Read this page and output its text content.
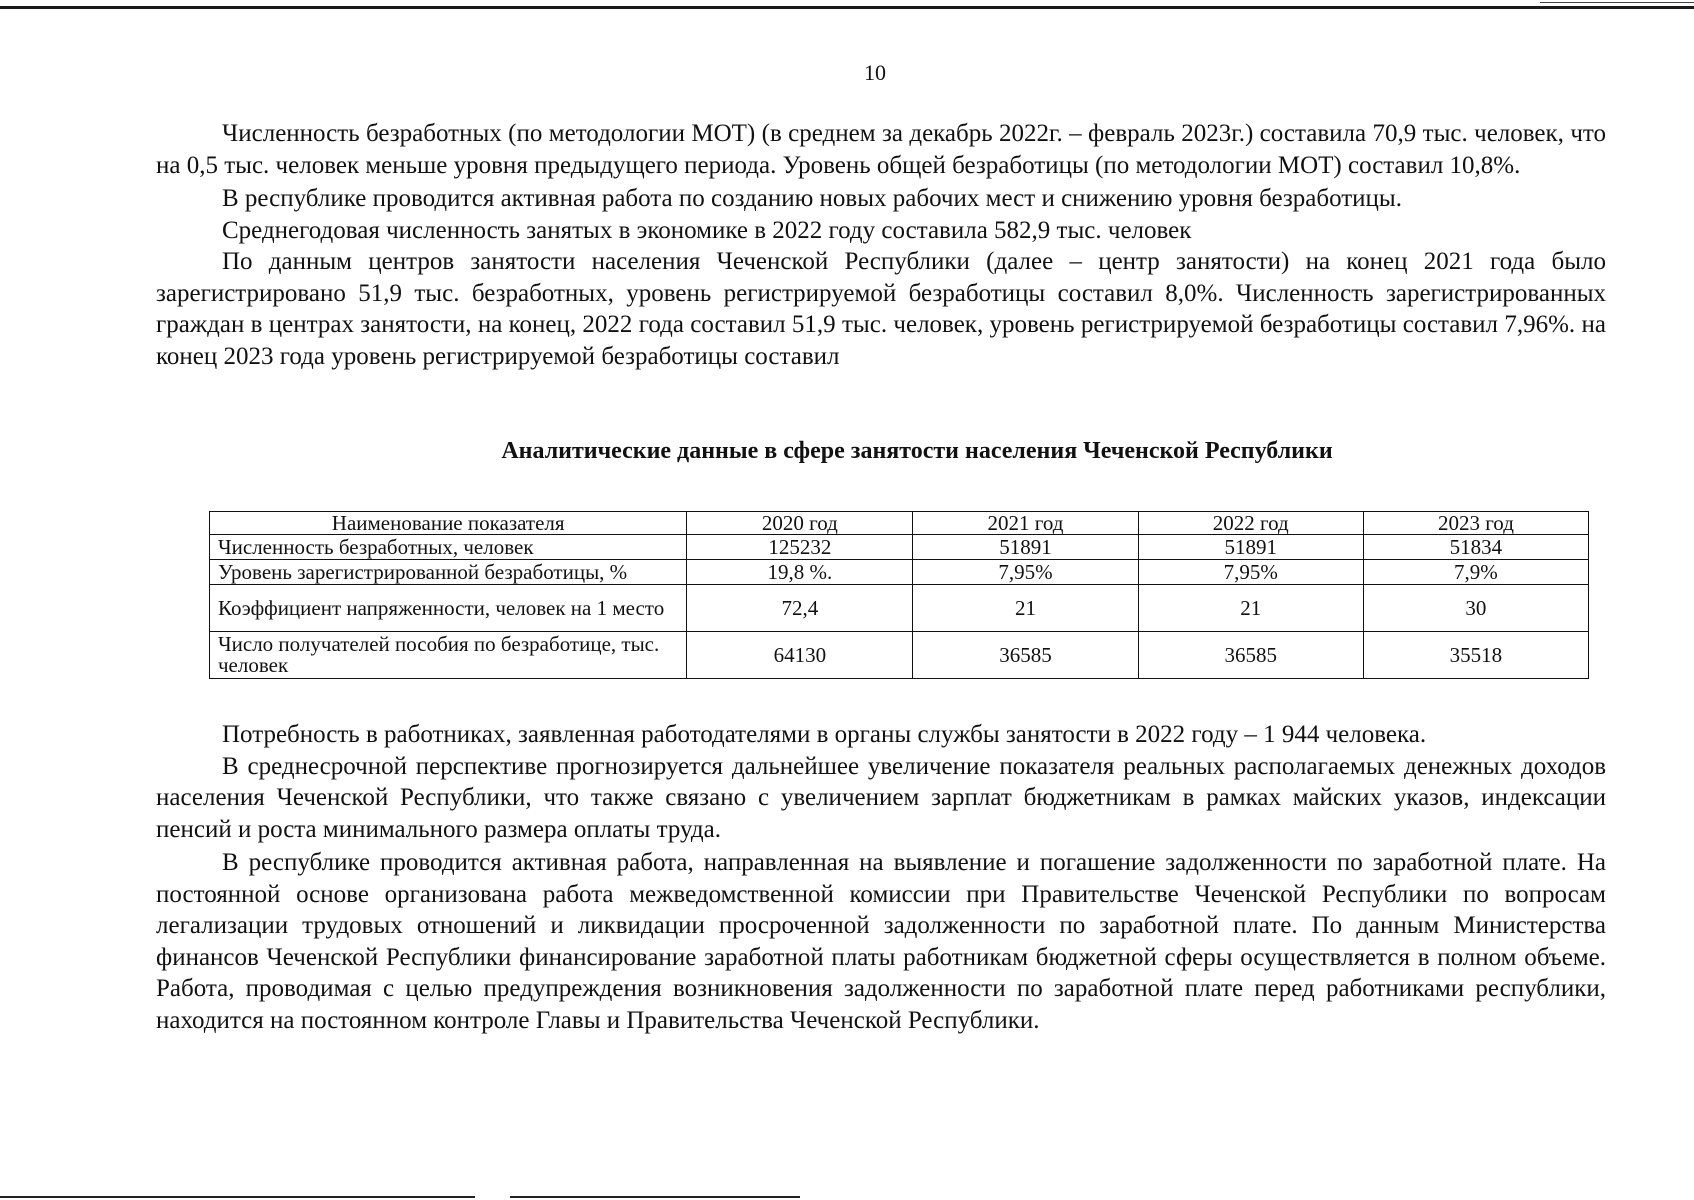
10

Численность безработных (по методологии МОТ) (в среднем за декабрь 2022г. – февраль 2023г.) составила 70,9 тыс. человек, что на 0,5 тыс. человек меньше уровня предыдущего периода. Уровень общей безработицы (по методологии МОТ) составил 10,8%.

В республике проводится активная работа по созданию новых рабочих мест и снижению уровня безработицы.

Среднегодовая численность занятых в экономике в 2022 году составила 582,9 тыс. человек

По данным центров занятости населения Чеченской Республики (далее – центр занятости) на конец 2021 года было зарегистрировано 51,9 тыс. безработных, уровень регистрируемой безработицы составил 8,0%. Численность зарегистрированных граждан в центрах занятости, на конец, 2022 года составил 51,9 тыс. человек, уровень регистрируемой безработицы составил 7,96%. на конец 2023 года уровень регистрируемой безработицы составил

Аналитические данные в сфере занятости населения Чеченской Республики
Наименование показателя	2020 год	2021 год	2022 год	2023 год
Численность безработных, человек	125232	51891	51891	51834
Уровень зарегистрированной безработицы, %	19,8 %.	7,95%	7,95%	7,9%
Коэффициент напряженности, человек на 1 место	72,4	21	21	30
Число получателей пособия по безработице, тыс. человек	64130	36585	36585	35518

Потребность в работниках, заявленная работодателями в органы службы занятости в 2022 году – 1 944 человека.

В среднесрочной перспективе прогнозируется дальнейшее увеличение показателя реальных располагаемых денежных доходов населения Чеченской Республики, что также связано с увеличением зарплат бюджетникам в рамках майских указов, индексации пенсий и роста минимального размера оплаты труда.

В республике проводится активная работа, направленная на выявление и погашение задолженности по заработной плате. На постоянной основе организована работа межведомственной комиссии при Правительстве Чеченской Республики по вопросам легализации трудовых отношений и ликвидации просроченной задолженности по заработной плате. По данным Министерства финансов Чеченской Республики финансирование заработной платы работникам бюджетной сферы осуществляется в полном объеме. Работа, проводимая с целью предупреждения возникновения задолженности по заработной плате перед работниками республики, находится на постоянном контроле Главы и Правительства Чеченской Республики.
